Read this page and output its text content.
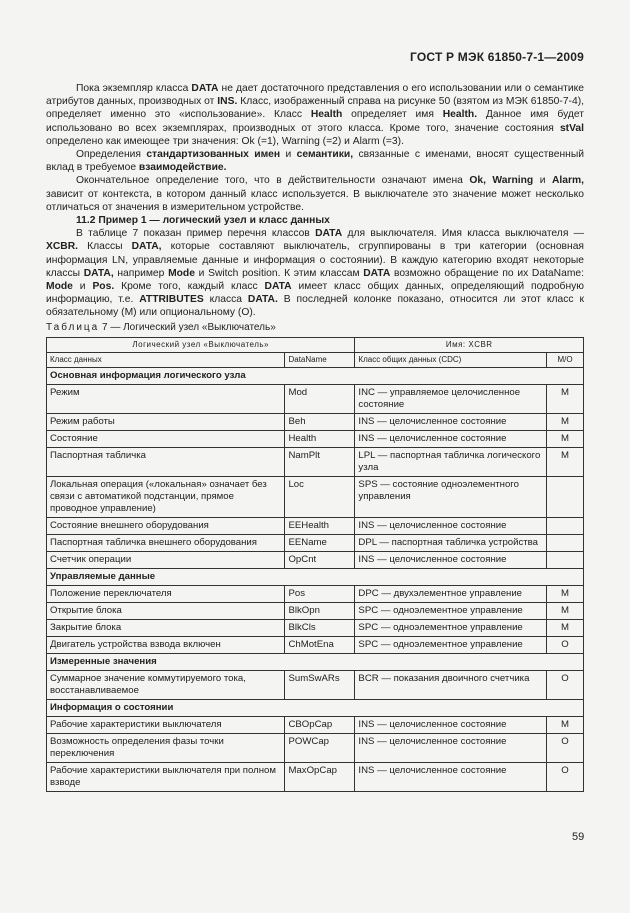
ГОСТ Р МЭК 61850-7-1—2009

Пока экземпляр класса DATA не дает достаточного представления о его использовании или о семантике атрибутов данных, производных от INS. Класс, изображенный справа на рисунке 50 (взятом из МЭК 61850-7-4), определяет именно это «использование». Класс Health определяет имя Health. Данное имя будет использовано во всех экземплярах, производных от этого класса. Кроме того, значение состояния stVal определено как имеющее три значения: Ok (=1), Warning (=2) и Alarm (=3).

Определения стандартизованных имен и семантики, связанные с именами, вносят существенный вклад в требуемое взаимодействие.

Окончательное определение того, что в действительности означают имена Ok, Warning и Alarm, зависит от контекста, в котором данный класс используется. В выключателе это значение может несколько отличаться от значения в измерительном устройстве.

11.2 Пример 1 — логический узел и класс данных

В таблице 7 показан пример перечня классов DATA для выключателя. Имя класса выключателя — XCBR. Классы DATA, которые составляют выключатель, сгруппированы в три категории (основная информация LN, управляемые данные и информация о состоянии). В каждую категорию входят некоторые классы DATA, например Mode и Switch position. К этим классам DATA возможно обращение по их DataName: Mode и Pos. Кроме того, каждый класс DATA имеет класс общих данных, определяющий подробную информацию, т.е. ATTRIBUTES класса DATA. В последней колонке показано, относится ли этот класс к обязательному (M) или опциональному (O).

Таблица 7 — Логический узел «Выключатель»
Логический узел «Выключатель»		Имя: XCBR	
Класс данных	DataName	Класс общих данных (CDC)	M/O
Основная информация логического узла			
Режим	Mod	INC — управляемое целочисленное состояние	M
Режим работы	Beh	INS — целочисленное состояние	M
Состояние	Health	INS — целочисленное состояние	M
Паспортная табличка	NamPlt	LPL — паспортная табличка логического узла	M
Локальная операция («локальная» означает без связи с автоматикой подстанции, прямое проводное управление)	Loc	SPS — состояние одноэлементного управления	
Состояние внешнего оборудования	EEHealth	INS — целочисленное состояние	
Паспортная табличка внешнего оборудования	EEName	DPL — паспортная табличка устройства	
Счетчик операции	OpCnt	INS — целочисленное состояние	
Управляемые данные			
Положение переключателя	Pos	DPC — двухэлементное управление	M
Открытие блока	BlkOpn	SPC — одноэлементное управление	M
Закрытие блока	BlkCls	SPC — одноэлементное управление	M
Двигатель устройства взвода включен	ChMotEna	SPC — одноэлементное управление	O
Измеренные значения			
Суммарное значение коммутируемого тока, восстанавливаемое	SumSwARs	BCR — показания двоичного счетчика	O
Информация о состоянии			
Рабочие характеристики выключателя	CBOpCap	INS — целочисленное состояние	M
Возможность определения фазы точки переключения	POWCap	INS — целочисленное состояние	O
Рабочие характеристики выключателя при полном взводе	MaxOpCap	INS — целочисленное состояние	O
59
